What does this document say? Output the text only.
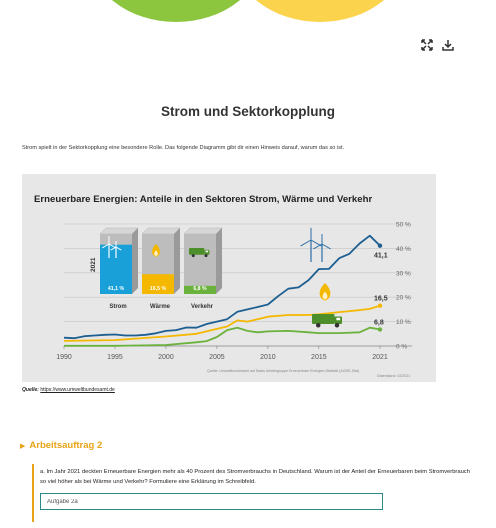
Strom und Sektorkopplung

Strom spielt in der Sektorkopplung eine besondere Rolle. Das folgende Diagramm gibt dir einen Hinweis darauf, warum das so ist.

Erneuerbare Energien: Anteile in den Sektoren Strom, Wärme und Verkehr
50 %
40 %
30 %
20 %
10 %
0 %
1990	1995	2000	2005	2010	2015	2021
41,1
16,5
6,8
2021
41,1 %
Strom
16,5 %
Wärme
6,8 %
Verkehr
Quelle: Umweltbundesamt auf Basis Arbeitsgruppe Erneuerbare Energien-Statistik (AGEE-Stat)
Datenstand: 03/2021

Quelle: https://www.umweltbundesamt.de

▶ Arbeitsauftrag 2

a. Im Jahr 2021 deckten Erneuerbare Energien mehr als 40 Prozent des Stromverbrauchs in Deutschland. Warum ist der Anteil der Erneuerbaren beim Stromverbrauch so viel höher als bei Wärme und Verkehr? Formuliere eine Erklärung im Schreibfeld.

Aufgabe 2a
